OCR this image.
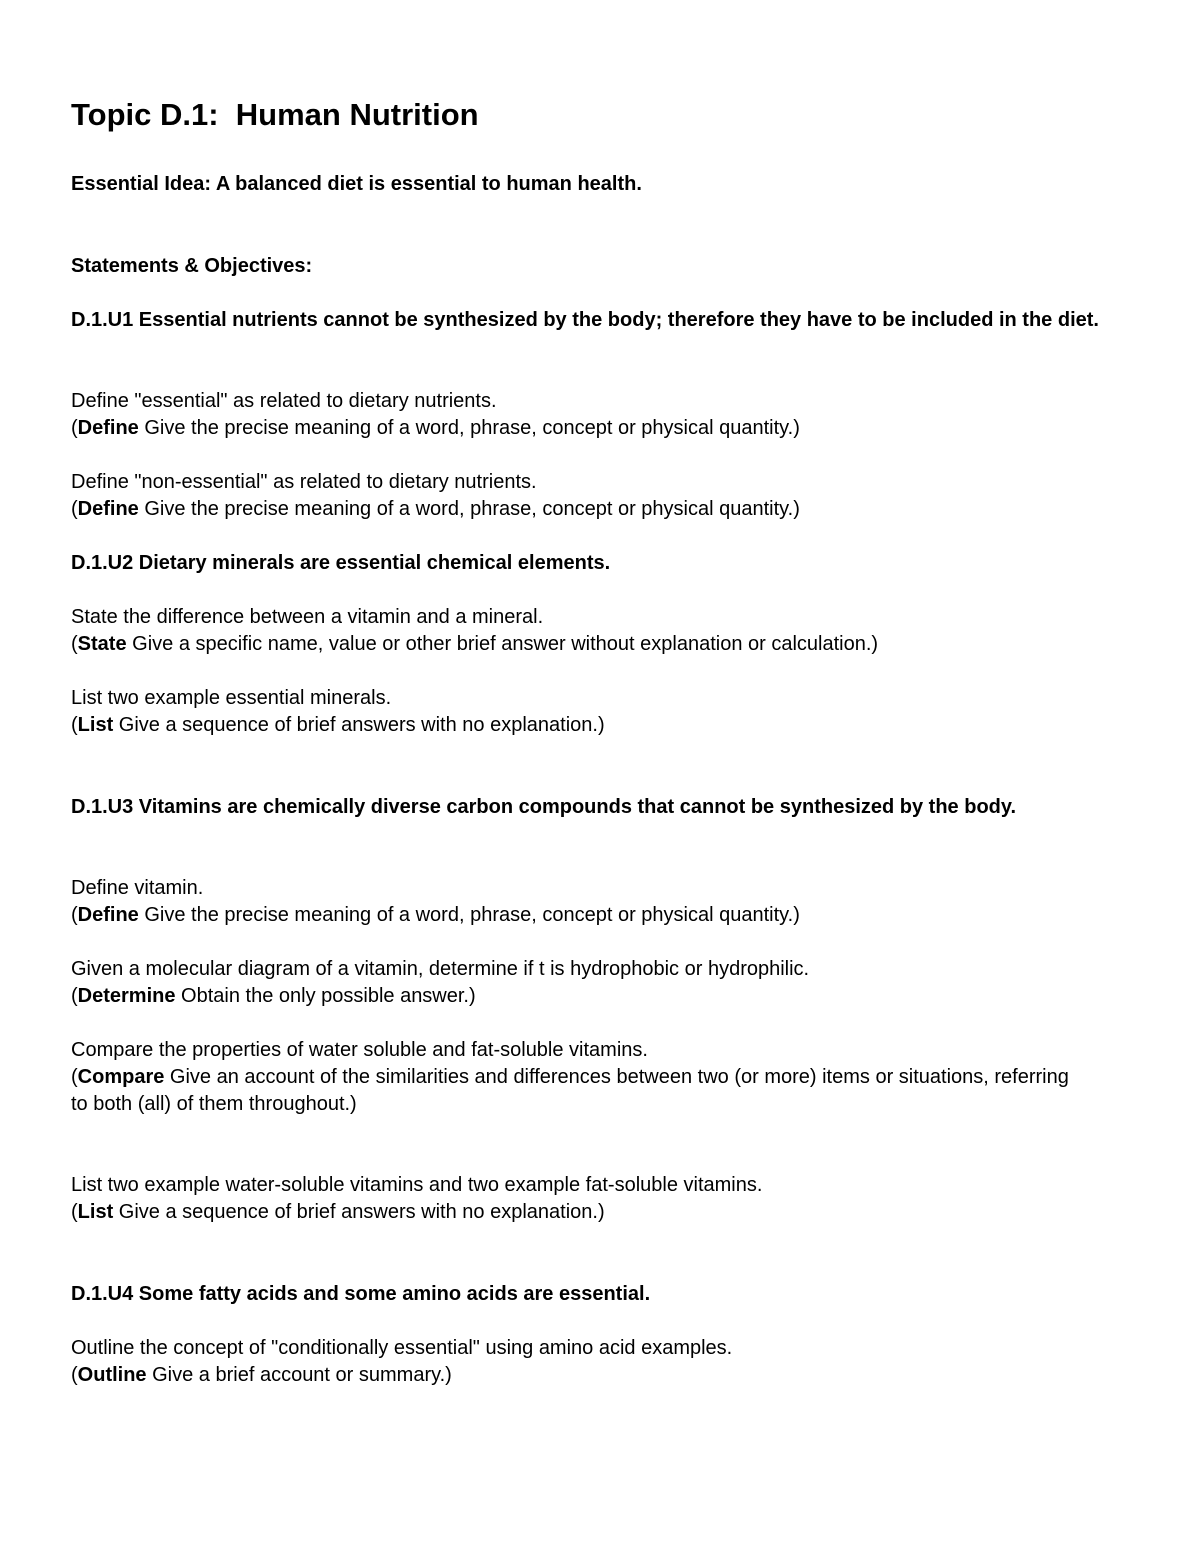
Topic D.1:  Human Nutrition
Essential Idea: A balanced diet is essential to human health.
Statements & Objectives:
D.1.U1 Essential nutrients cannot be synthesized by the body; therefore they have to be included in the diet.
Define "essential" as related to dietary nutrients.
(Define Give the precise meaning of a word, phrase, concept or physical quantity.)
Define "non-essential" as related to dietary nutrients.
(Define Give the precise meaning of a word, phrase, concept or physical quantity.)
D.1.U2 Dietary minerals are essential chemical elements.
State the difference between a vitamin and a mineral.
(State Give a specific name, value or other brief answer without explanation or calculation.)
List two example essential minerals.
(List Give a sequence of brief answers with no explanation.)
D.1.U3 Vitamins are chemically diverse carbon compounds that cannot be synthesized by the body.
Define vitamin.
(Define Give the precise meaning of a word, phrase, concept or physical quantity.)
Given a molecular diagram of a vitamin, determine if t is hydrophobic or hydrophilic.
(Determine Obtain the only possible answer.)
Compare the properties of water soluble and fat-soluble vitamins.
(Compare Give an account of the similarities and differences between two (or more) items or situations, referring to both (all) of them throughout.)
List two example water-soluble vitamins and two example fat-soluble vitamins.
(List Give a sequence of brief answers with no explanation.)
D.1.U4 Some fatty acids and some amino acids are essential.
Outline the concept of "conditionally essential" using amino acid examples.
(Outline Give a brief account or summary.)
